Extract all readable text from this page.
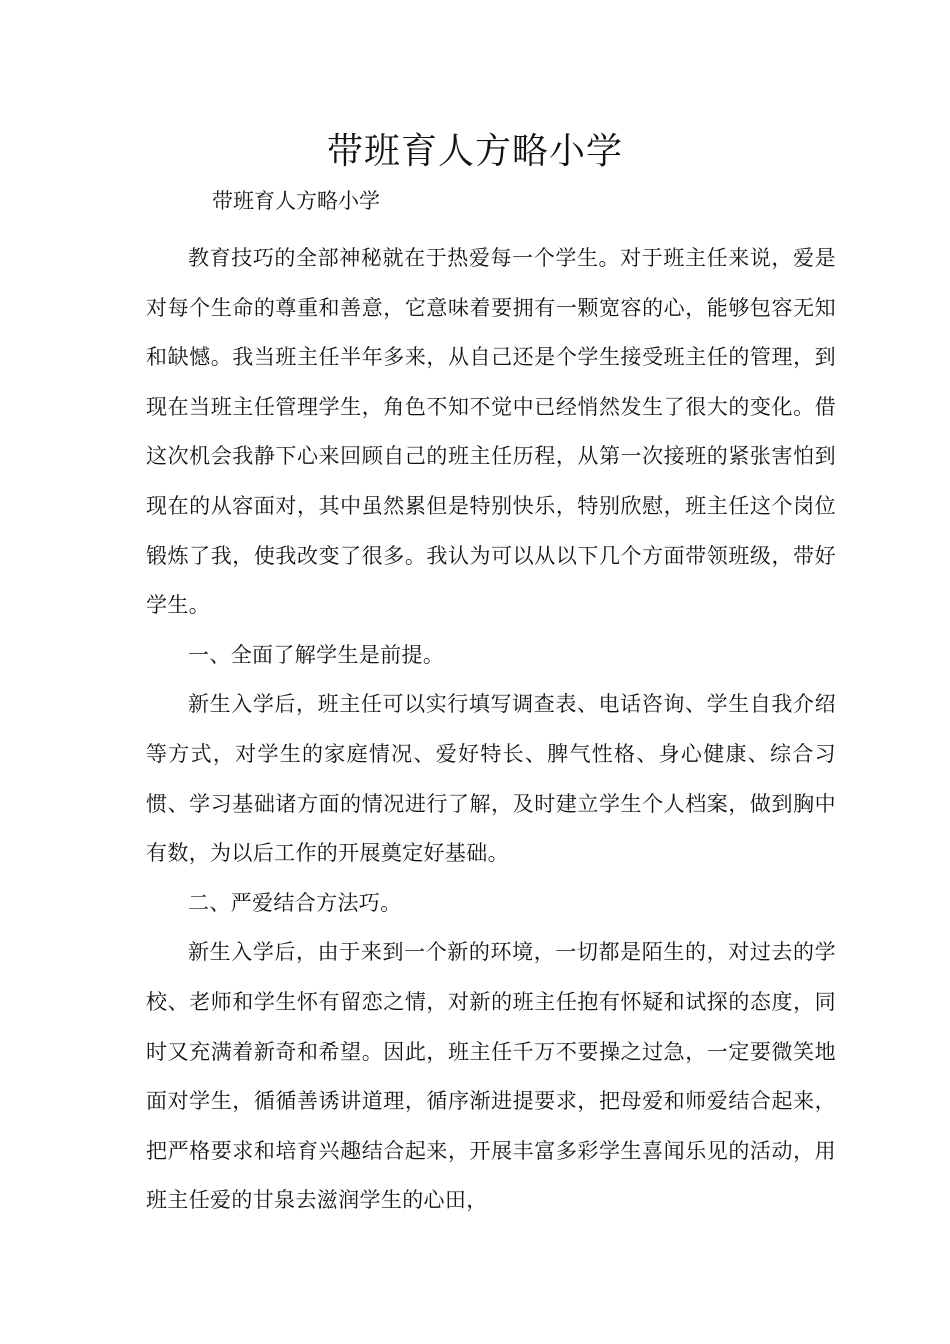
带班育人方略小学

带班育人方略小学

教育技巧的全部神秘就在于热爱每一个学生。对于班主任来说，爱是对每个生命的尊重和善意，它意味着要拥有一颗宽容的心，能够包容无知和缺憾。我当班主任半年多来，从自己还是个学生接受班主任的管理，到现在当班主任管理学生，角色不知不觉中已经悄然发生了很大的变化。借这次机会我静下心来回顾自己的班主任历程，从第一次接班的紧张害怕到现在的从容面对，其中虽然累但是特别快乐，特别欣慰，班主任这个岗位锻炼了我，使我改变了很多。我认为可以从以下几个方面带领班级，带好学生。

一、全面了解学生是前提。

新生入学后，班主任可以实行填写调查表、电话咨询、学生自我介绍等方式，对学生的家庭情况、爱好特长、脾气性格、身心健康、综合习惯、学习基础诸方面的情况进行了解，及时建立学生个人档案，做到胸中有数，为以后工作的开展奠定好基础。

二、严爱结合方法巧。

新生入学后，由于来到一个新的环境，一切都是陌生的，对过去的学校、老师和学生怀有留恋之情，对新的班主任抱有怀疑和试探的态度，同时又充满着新奇和希望。因此，班主任千万不要操之过急，一定要微笑地面对学生，循循善诱讲道理，循序渐进提要求，把母爱和师爱结合起来，把严格要求和培育兴趣结合起来，开展丰富多彩学生喜闻乐见的活动，用班主任爱的甘泉去滋润学生的心田，
